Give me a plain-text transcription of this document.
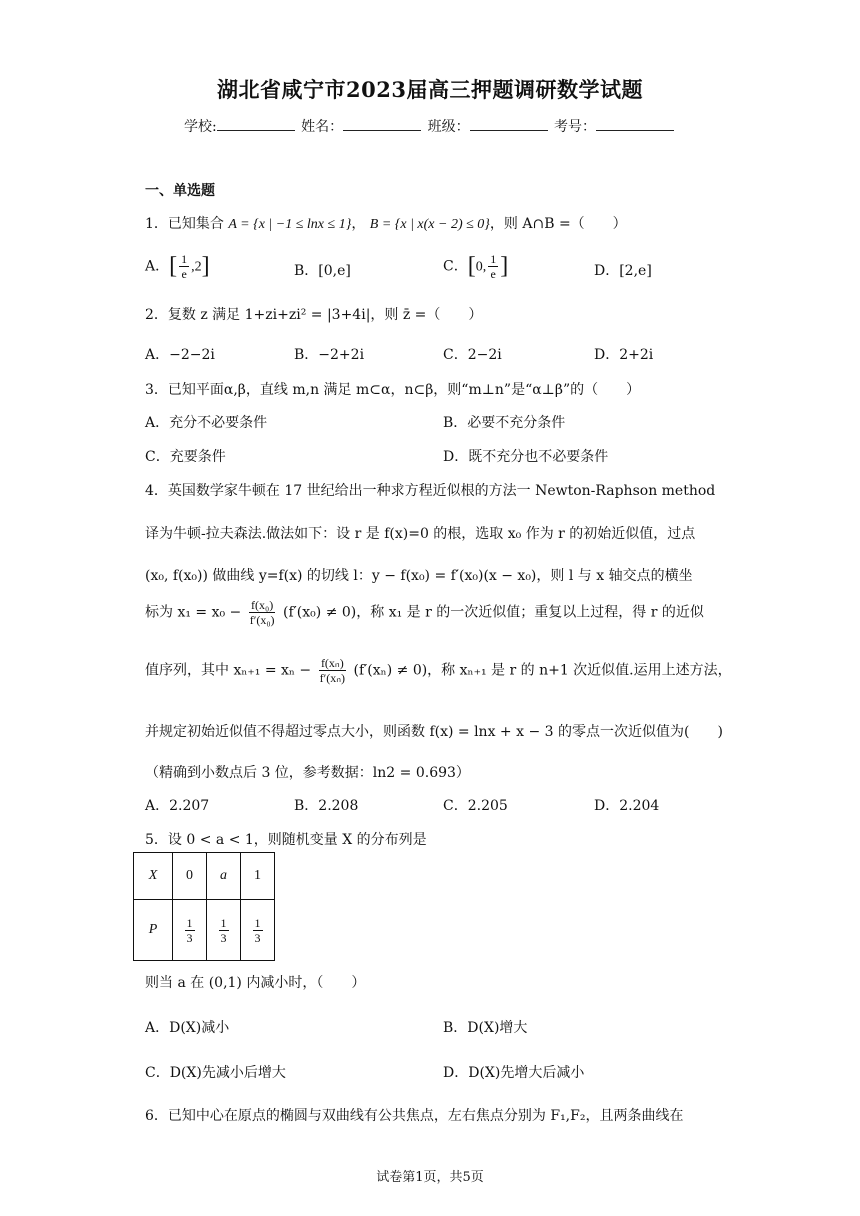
湖北省咸宁市2023届高三押题调研数学试题
学校:	姓名：	班级：	考号：
一、单选题
1．已知集合 A = {x | −1 ≤ lnx ≤ 1}， B = {x | x(x − 2) ≤ 0}，则 A∩B =（　　）
A．[ $\frac{1}{e} ,2$]	B．[0,e]	C．[0, $\frac{1}{e}$ ]	D．[2,e]
2．复数 z 满足 1+zi+zi² = |3+4i|，则 z̄ =（　　）
A．−2−2i	B．−2+2i	C．2−2i	D．2+2i
3．已知平面α,β，直线 m,n 满足 m⊂α，n⊂β，则“m⊥n”是“α⊥β”的（　　）
A．充分不必要条件	B．必要不充分条件
C．充要条件	D．既不充分也不必要条件
4．英国数学家牛顿在 17 世纪给出一种求方程近似根的方法一 Newton-Raphson method
译为牛顿-拉夫森法.做法如下：设 r 是 f(x)=0 的根，选取 x₀ 作为 r 的初始近似值，过点
(x₀, f(x₀)) 做曲线 y=f(x) 的切线 l：y − f(x₀) = f′(x₀)(x − x₀)，则 l 与 x 轴交点的横坐
标为 $x_1 = x_0 - \frac{\text{f(x₀)}}{\text{f′(x₀)}} (f'(x_0) \ne 0)$，称 x₁ 是 r 的一次近似值；重复以上过程，得 r 的近似
值序列，其中 $x_{n+1} = x_n - \frac{\text{f(xₙ)}}{\text{f′(xₙ)}} (f'(x_n) \ne 0)$，称 xₙ₊₁ 是 r 的 n+1 次近似值.运用上述方法，
并规定初始近似值不得超过零点大小，则函数 f(x) = lnx + x − 3 的零点一次近似值为(　　)
（精确到小数点后 3 位，参考数据：ln2 = 0.693）
A．2.207	B．2.208	C．2.205	D．2.204
5．设 0 < a < 1，则随机变量 X 的分布列是
X	0	a	1
P	$\frac{1}{3}$	$\frac{1}{3}$	$\frac{1}{3}$
则当 a 在 (0,1) 内减小时，（　　）
A．D(X)减小	B．D(X)增大
C．D(X)先减小后增大	D．D(X)先增大后减小
6．已知中心在原点的椭圆与双曲线有公共焦点，左右焦点分别为 F₁,F₂，且两条曲线在
试卷第1页，共5页
